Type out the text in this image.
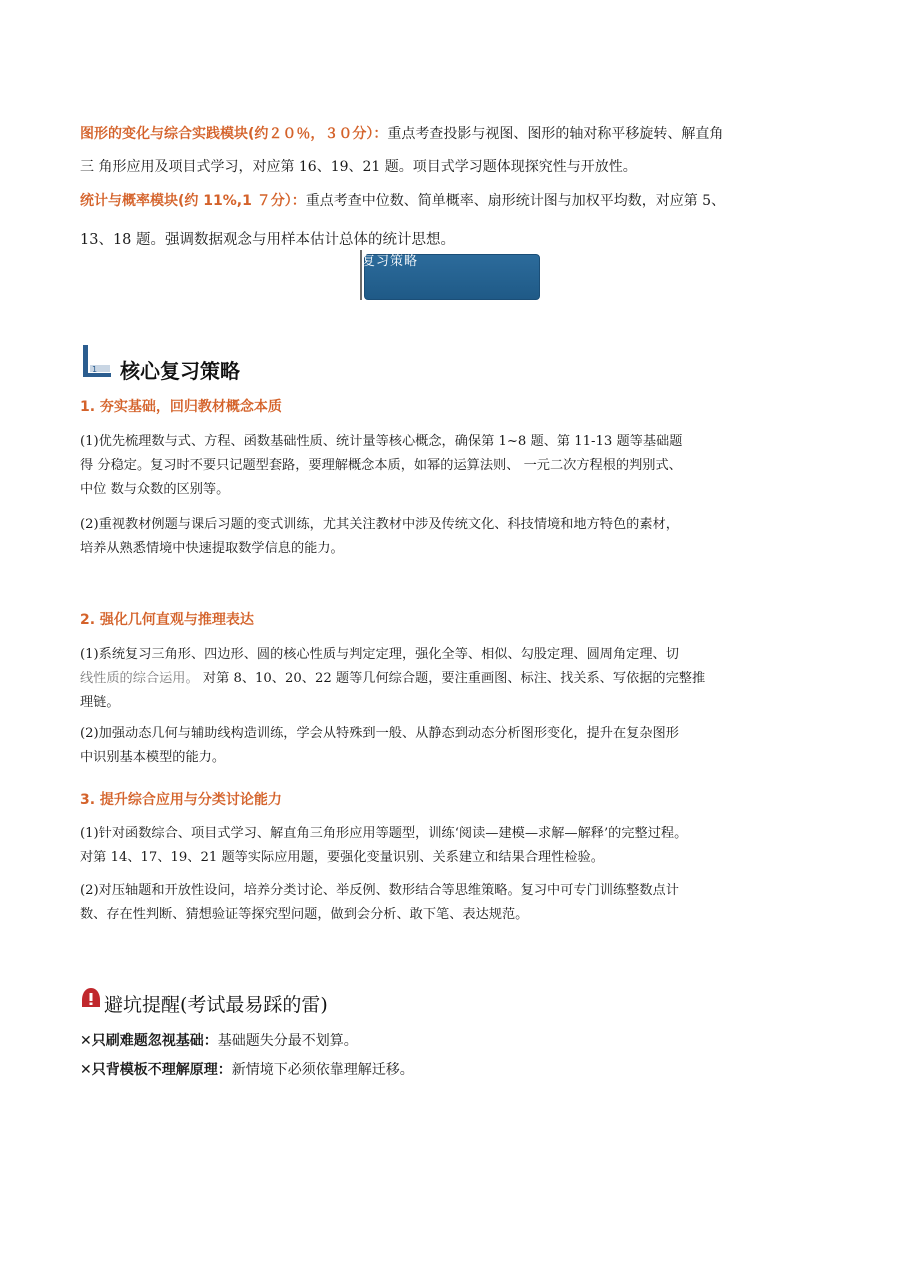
图形的变化与综合实践模块(约２０％，３０分）：重点考查投影与视图、图形的轴对称平移旋转、解直角
三 角形应用及项目式学习，对应第 16、19、21 题。项目式学习题体现探究性与开放性。
统计与概率模块(约 11%,1 ７分）：重点考查中位数、简单概率、扇形统计图与加权平均数，对应第 5、
13、18 题。强调数据观念与用样本估计总体的统计思想。
复习策略
1 核心复习策略
1. 夯实基础，回归教材概念本质
(1)优先梳理数与式、方程、函数基础性质、统计量等核心概念，确保第 1~8 题、第 11-13 题等基础题
得 分稳定。复习时不要只记题型套路，要理解概念本质，如幂的运算法则、 一元二次方程根的判别式、
中位 数与众数的区别等。
(2)重视教材例题与课后习题的变式训练，尤其关注教材中涉及传统文化、科技情境和地方特色的素材，
培养从熟悉情境中快速提取数学信息的能力。
2. 强化几何直观与推理表达
(1)系统复习三角形、四边形、圆的核心性质与判定定理，强化全等、相似、勾股定理、圆周角定理、切
线性质的综合运用。 对第 8、10、20、22 题等几何综合题，要注重画图、标注、找关系、写依据的完整推
理链。
(2)加强动态几何与辅助线构造训练，学会从特殊到一般、从静态到动态分析图形变化，提升在复杂图形
中识别基本模型的能力。
3. 提升综合应用与分类讨论能力
(1)针对函数综合、项目式学习、解直角三角形应用等题型，训练‘阅读—建模—求解—解释’的完整过程。
对第 14、17、19、21 题等实际应用题，要强化变量识别、关系建立和结果合理性检验。
(2)对压轴题和开放性设问，培养分类讨论、举反例、数形结合等思维策略。复习中可专门训练整数点计
数、存在性判断、猜想验证等探究型问题，做到会分析、敢下笔、表达规范。
避坑提醒(考试最易踩的雷)
✕只刷难题忽视基础：基础题失分最不划算。
✕只背模板不理解原理：新情境下必须依靠理解迁移。
